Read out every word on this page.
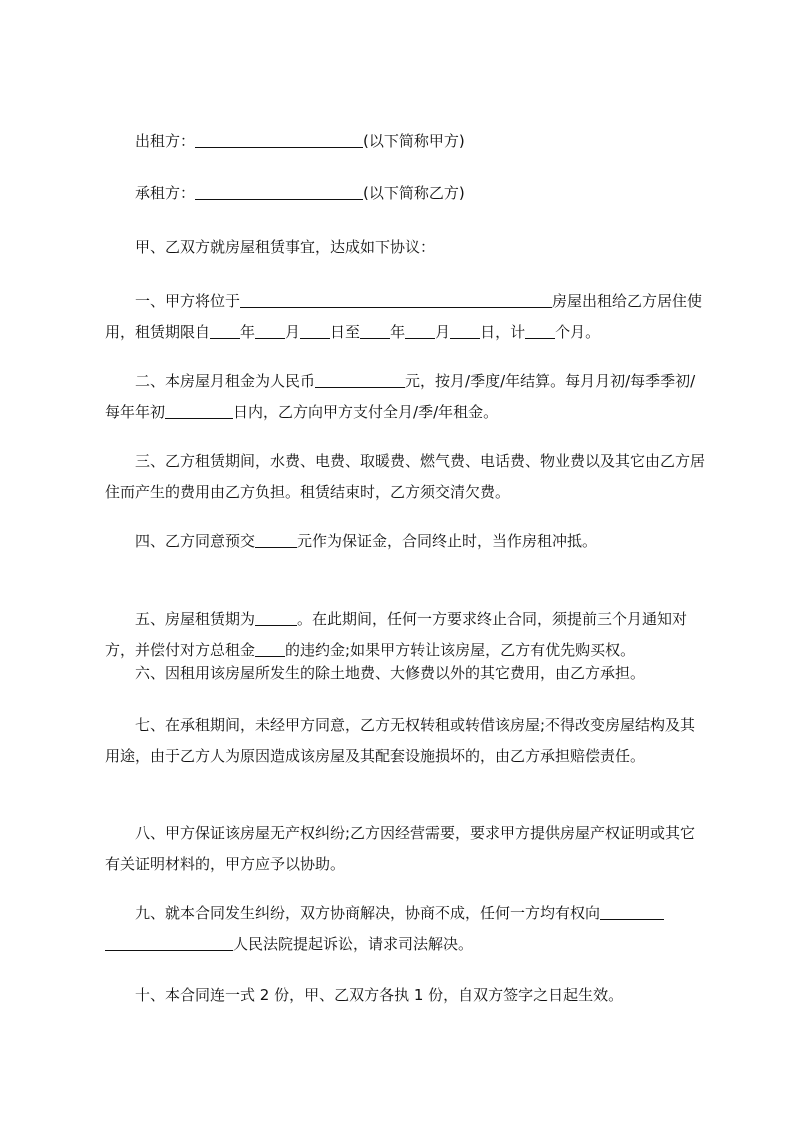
出租方：	(以下简称甲方)

承租方：	(以下简称乙方)

甲、乙双方就房屋租赁事宜，达成如下协议：

一、甲方将位于	房屋出租给乙方居住使用，租赁期限自 年 月 日至 年 月 日，计 个月。

二、本房屋月租金为人民币	元，按月/季度/年结算。每月月初/每季季初/每年年初	日内，乙方向甲方支付全月/季/年租金。

三、乙方租赁期间，水费、电费、取暖费、燃气费、电话费、物业费以及其它由乙方居住而产生的费用由乙方负担。租赁结束时，乙方须交清欠费。

四、乙方同意预交	元作为保证金，合同终止时，当作房租冲抵。

五、房屋租赁期为	。在此期间，任何一方要求终止合同，须提前三个月通知对方，并偿付对方总租金 的违约金;如果甲方转让该房屋，乙方有优先购买权。

六、因租用该房屋所发生的除土地费、大修费以外的其它费用，由乙方承担。

七、在承租期间，未经甲方同意，乙方无权转租或转借该房屋;不得改变房屋结构及其用途，由于乙方人为原因造成该房屋及其配套设施损坏的，由乙方承担赔偿责任。

八、甲方保证该房屋无产权纠纷;乙方因经营需要，要求甲方提供房屋产权证明或其它有关证明材料的，甲方应予以协助。

九、就本合同发生纠纷，双方协商解决，协商不成，任何一方均有权向
人民法院提起诉讼，请求司法解决。

十、本合同连一式 2 份，甲、乙双方各执 1 份，自双方签字之日起生效。
